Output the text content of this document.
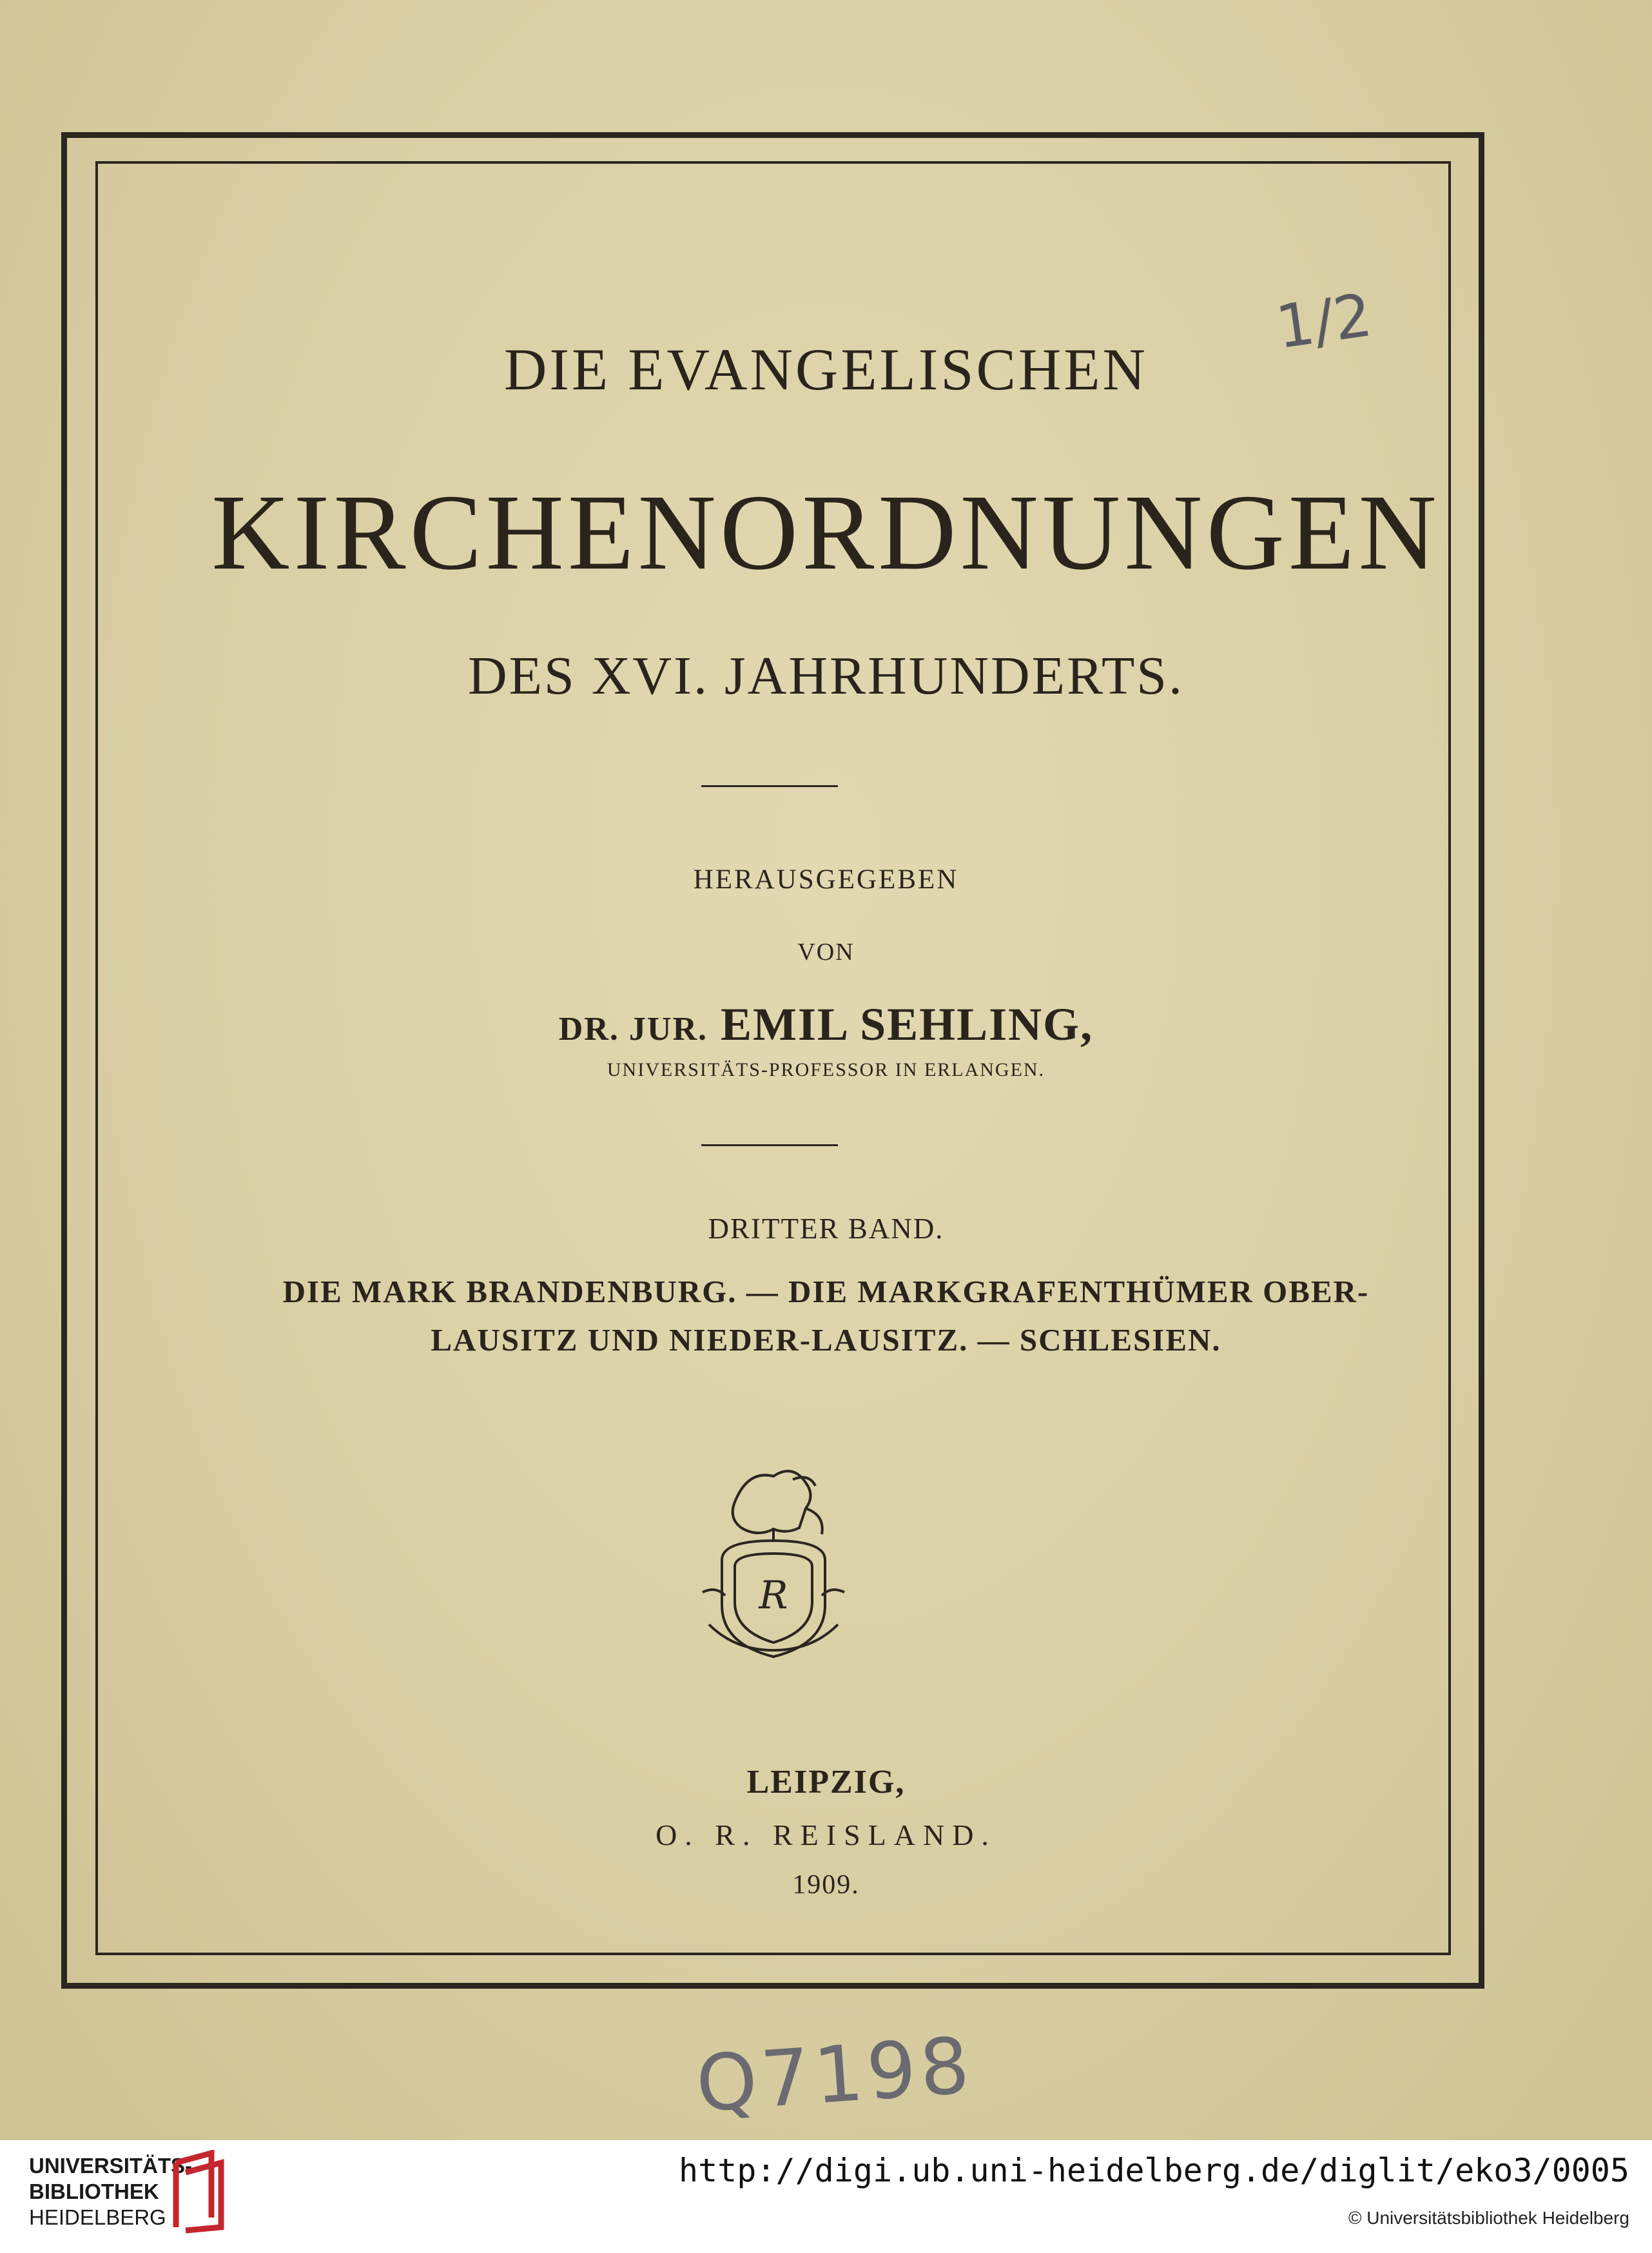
1/2
DIE EVANGELISCHEN
KIRCHENORDNUNGEN
DES XVI. JAHRHUNDERTS.
HERAUSGEGEBEN
VON
DR. JUR. EMIL SEHLING,
UNIVERSITÄTS-PROFESSOR IN ERLANGEN.
DRITTER BAND.
DIE MARK BRANDENBURG. — DIE MARKGRAFENTHÜMER OBER-
LAUSITZ UND NIEDER-LAUSITZ. — SCHLESIEN.
R
LEIPZIG,
O. R. REISLAND.
1909.
Q7198
UNIVERSITÄTS-
BIBLIOTHEK
HEIDELBERG
http://digi.ub.uni-heidelberg.de/diglit/eko3/0005
© Universitätsbibliothek Heidelberg
